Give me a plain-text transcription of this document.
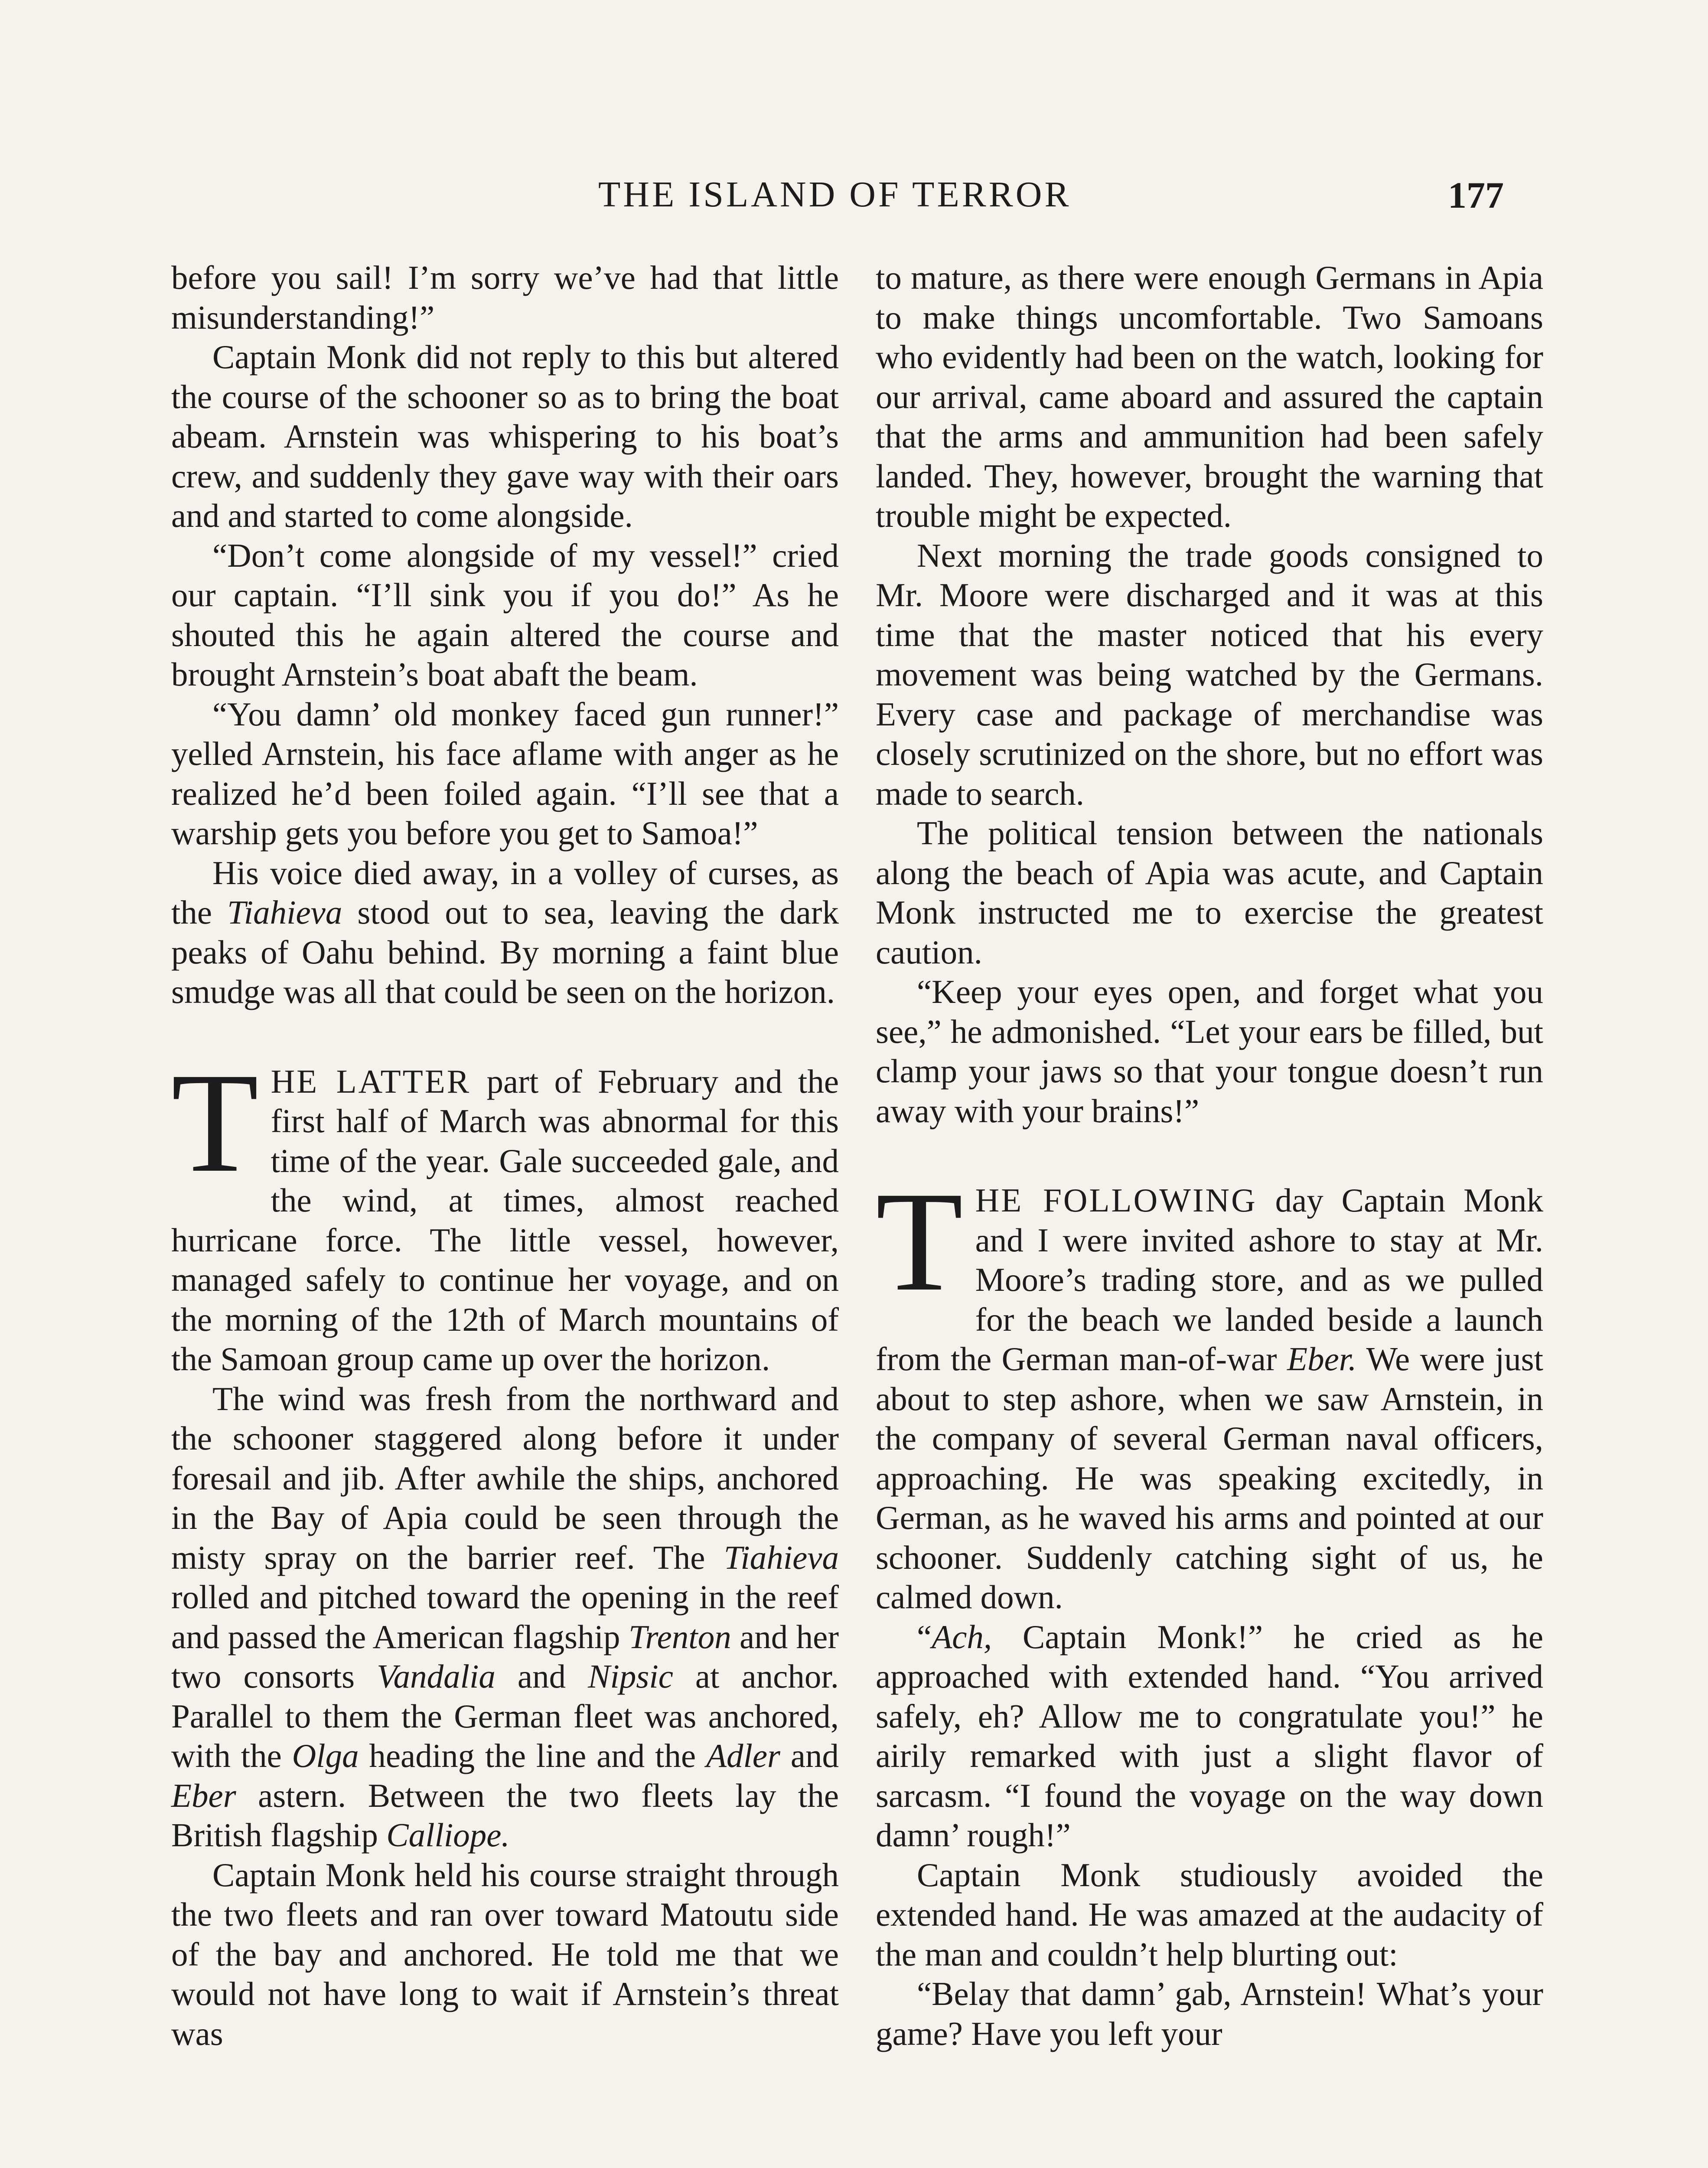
THE ISLAND OF TERROR	177

before you sail! I’m sorry we’ve had that little misunderstanding!”

Captain Monk did not reply to this but altered the course of the schooner so as to bring the boat abeam. Arnstein was whispering to his boat’s crew, and suddenly they gave way with their oars and and started to come alongside.

“Don’t come alongside of my vessel!” cried our captain. “I’ll sink you if you do!” As he shouted this he again altered the course and brought Arnstein’s boat abaft the beam.

“You damn’ old monkey faced gun runner!” yelled Arnstein, his face aflame with anger as he realized he’d been foiled again. “I’ll see that a warship gets you before you get to Samoa!”

His voice died away, in a volley of curses, as the Tiahieva stood out to sea, leaving the dark peaks of Oahu behind. By morning a faint blue smudge was all that could be seen on the horizon.

THE LATTER part of February and the first half of March was abnormal for this time of the year. Gale succeeded gale, and the wind, at times, almost reached hurricane force. The little vessel, however, managed safely to continue her voyage, and on the morning of the 12th of March mountains of the Samoan group came up over the horizon.

The wind was fresh from the northward and the schooner staggered along before it under foresail and jib. After awhile the ships, anchored in the Bay of Apia could be seen through the misty spray on the barrier reef. The Tiahieva rolled and pitched toward the opening in the reef and passed the American flagship Trenton and her two consorts Vandalia and Nipsic at anchor. Parallel to them the German fleet was anchored, with the Olga heading the line and the Adler and Eber astern. Between the two fleets lay the British flagship Calliope.

Captain Monk held his course straight through the two fleets and ran over toward Matoutu side of the bay and anchored. He told me that we would not have long to wait if Arnstein’s threat was

to mature, as there were enough Germans in Apia to make things uncomfortable. Two Samoans who evidently had been on the watch, looking for our arrival, came aboard and assured the captain that the arms and ammunition had been safely landed. They, however, brought the warning that trouble might be expected.

Next morning the trade goods consigned to Mr. Moore were discharged and it was at this time that the master noticed that his every movement was being watched by the Germans. Every case and package of merchandise was closely scrutinized on the shore, but no effort was made to search.

The political tension between the nationals along the beach of Apia was acute, and Captain Monk instructed me to exercise the greatest caution.

“Keep your eyes open, and forget what you see,” he admonished. “Let your ears be filled, but clamp your jaws so that your tongue doesn’t run away with your brains!”

THE FOLLOWING day Captain Monk and I were invited ashore to stay at Mr. Moore’s trading store, and as we pulled for the beach we landed beside a launch from the German man-of-war Eber. We were just about to step ashore, when we saw Arnstein, in the company of several German naval officers, approaching. He was speaking excitedly, in German, as he waved his arms and pointed at our schooner. Suddenly catching sight of us, he calmed down.

“Ach, Captain Monk!” he cried as he approached with extended hand. “You arrived safely, eh? Allow me to congratulate you!” he airily remarked with just a slight flavor of sarcasm. “I found the voyage on the way down damn’ rough!”

Captain Monk studiously avoided the extended hand. He was amazed at the audacity of the man and couldn’t help blurting out:

“Belay that damn’ gab, Arnstein! What’s your game? Have you left your
